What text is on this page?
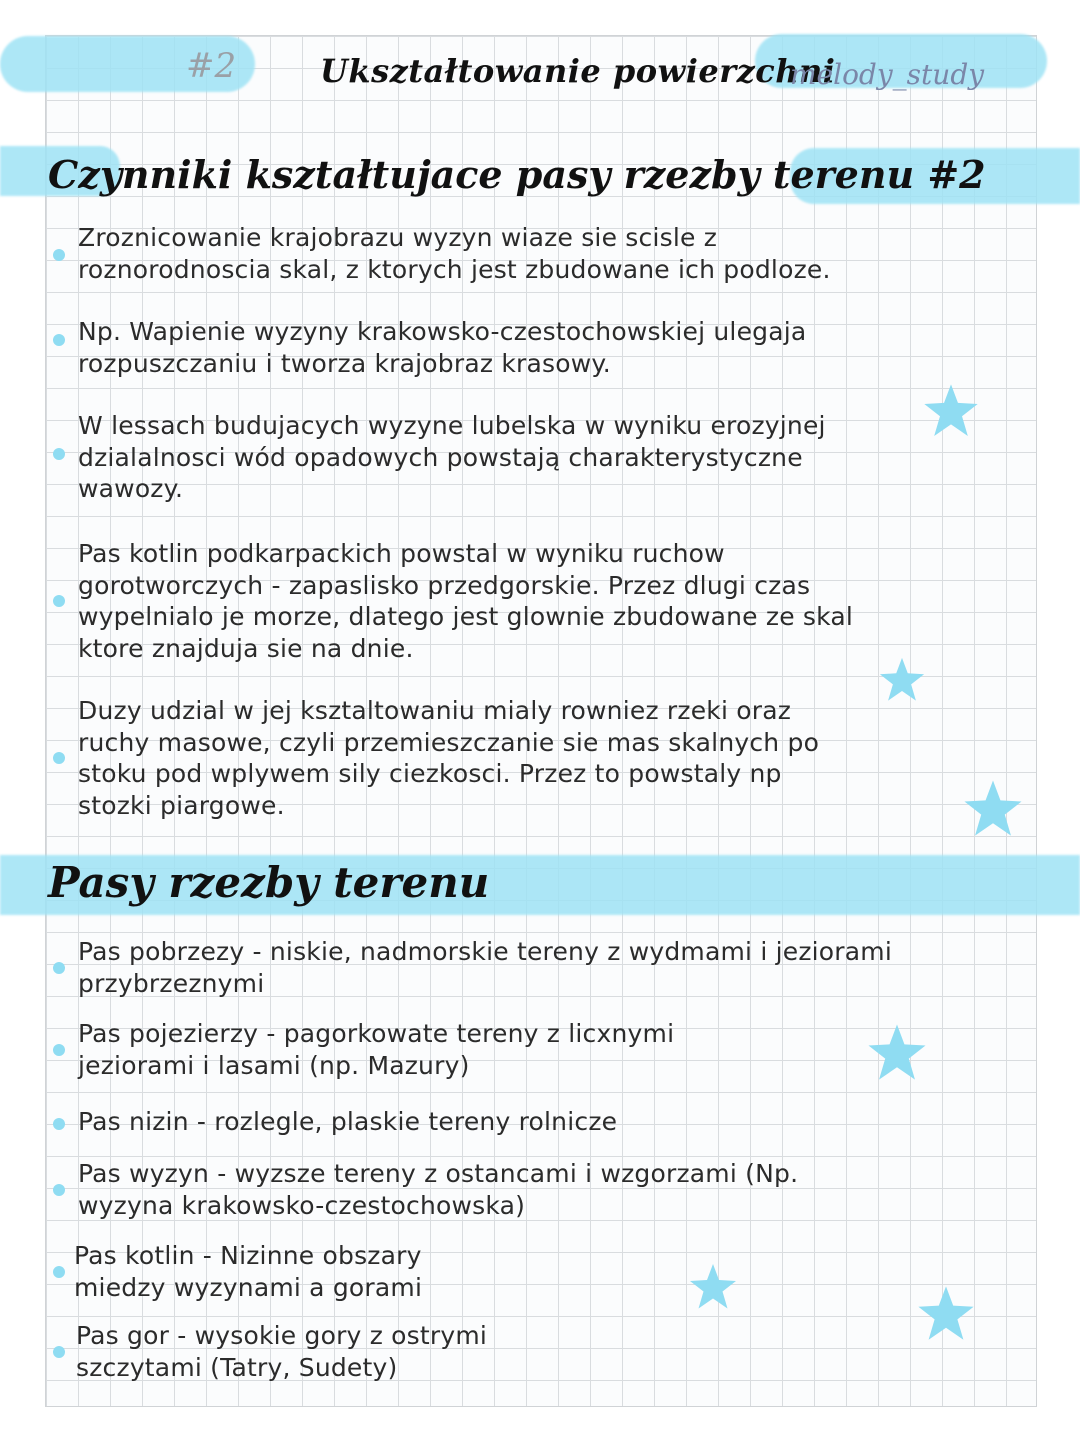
#2	Ukształtowanie powierzchni
melody_study
Czynniki kształtujace pasy rzezby terenu #2

Zroznicowanie krajobrazu wyzyn wiaze sie scisle z

roznorodnoscia skal, z ktorych jest zbudowane ich podloze.

Np. Wapienie wyzyny krakowsko-czestochowskiej ulegaja

rozpuszczaniu i tworza krajobraz krasowy.

W lessach budujacych wyzyne lubelska w wyniku erozyjnej

dzialalnosci wód opadowych powstają charakterystyczne

wawozy.

Pas kotlin podkarpackich powstal w wyniku ruchow

gorotworczych - zapaslisko przedgorskie. Przez dlugi czas

wypelnialo je morze, dlatego jest glownie zbudowane ze skal

ktore znajduja sie na dnie.

Duzy udzial w jej ksztaltowaniu mialy rowniez rzeki oraz

ruchy masowe, czyli przemieszczanie sie mas skalnych po

stoku pod wplywem sily ciezkosci. Przez to powstaly np

stozki piargowe.

Pasy rzezby terenu

Pas pobrzezy - niskie, nadmorskie tereny z wydmami i jeziorami

przybrzeznymi

Pas pojezierzy - pagorkowate tereny z licxnymi

jeziorami i lasami (np. Mazury)

Pas nizin - rozlegle, plaskie tereny rolnicze

Pas wyzyn - wyzsze tereny z ostancami i wzgorzami (Np.

wyzyna krakowsko-czestochowska)

Pas kotlin - Nizinne obszary

miedzy wyzynami a gorami

Pas gor - wysokie gory z ostrymi

szczytami (Tatry, Sudety)
